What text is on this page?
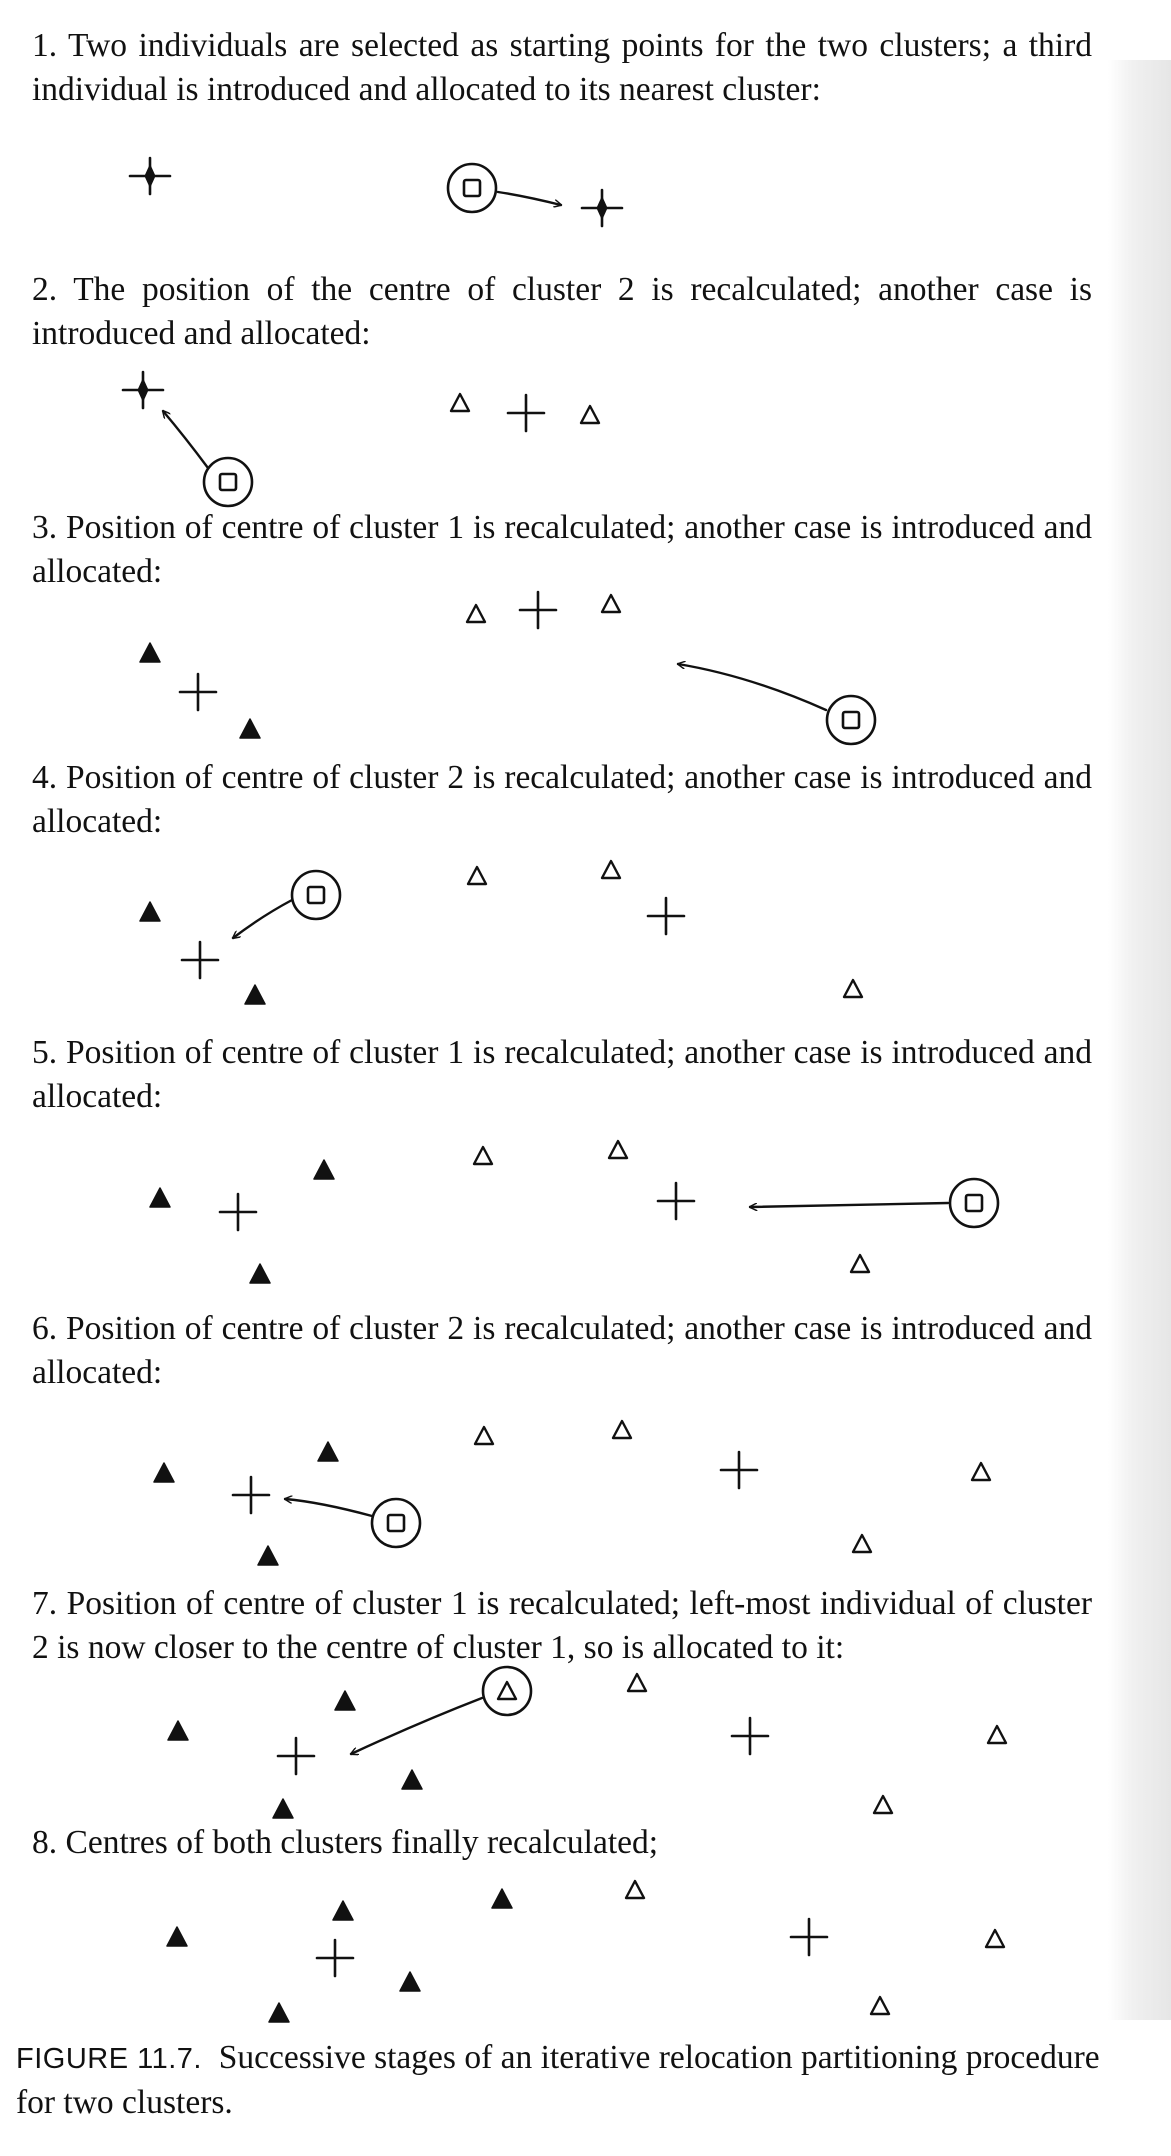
1. Two individuals are selected as starting points for the two clusters; a third individual is introduced and allocated to its nearest cluster:

2. The position of the centre of cluster 2 is recalculated; another case is introduced and allocated:

3. Position of centre of cluster 1 is recalculated; another case is introduced and allocated:

4. Position of centre of cluster 2 is recalculated; another case is introduced and allocated:

5. Position of centre of cluster 1 is recalculated; another case is introduced and allocated:

6. Position of centre of cluster 2 is recalculated; another case is introduced and allocated:

7. Position of centre of cluster 1 is recalculated; left-most individual of cluster 2 is now closer to the centre of cluster 1, so is allocated to it:

8. Centres of both clusters finally recalculated;

FIGURE 11.7. Successive stages of an iterative relocation partitioning procedure for two clusters.
